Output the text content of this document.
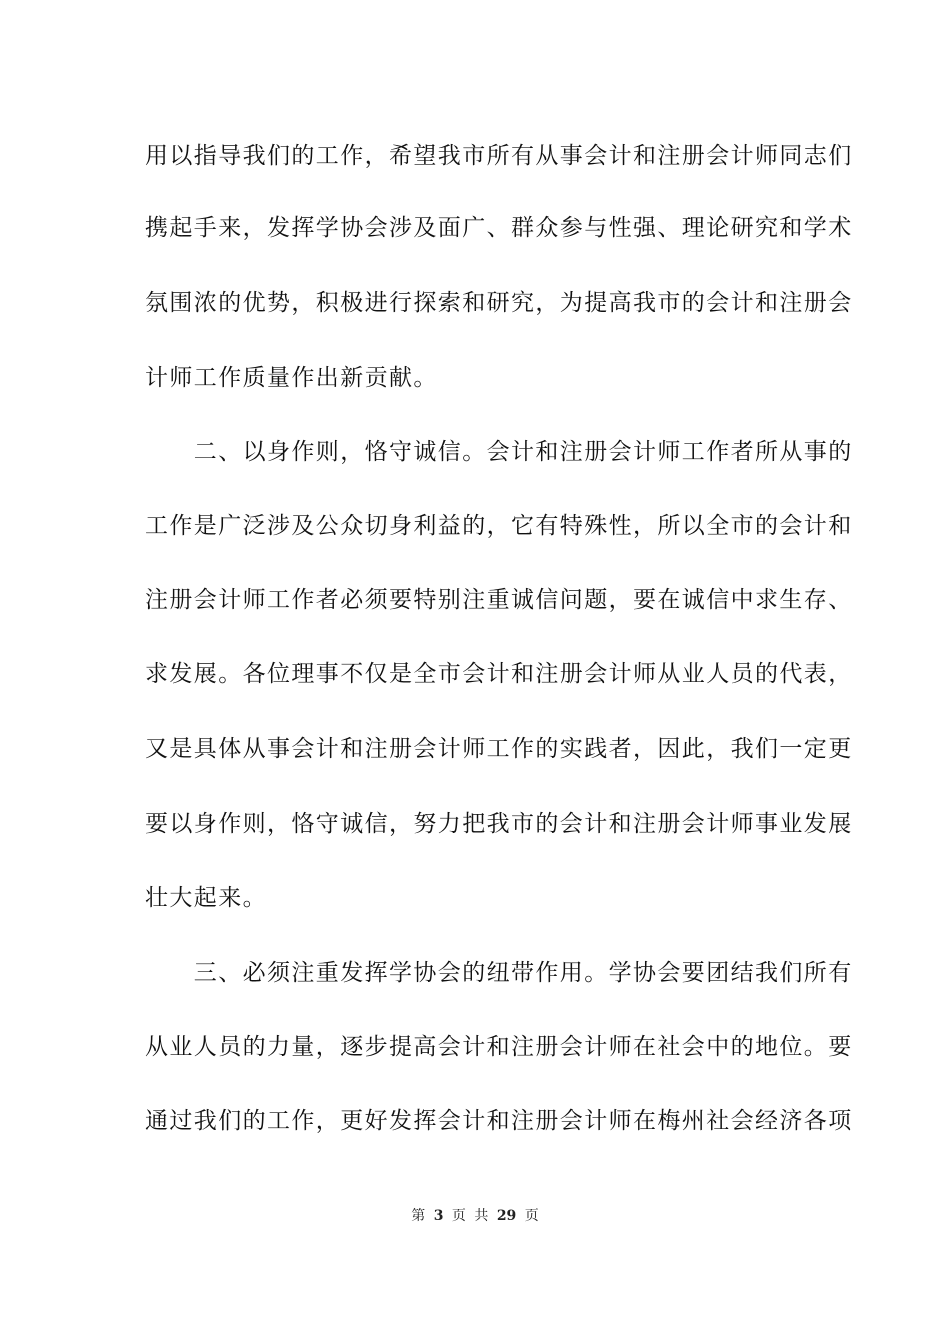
用以指导我们的工作，希望我市所有从事会计和注册会计师同志们
携起手来，发挥学协会涉及面广、群众参与性强、理论研究和学术
氛围浓的优势，积极进行探索和研究，为提高我市的会计和注册会
计师工作质量作出新贡献。
　　二、以身作则，恪守诚信。会计和注册会计师工作者所从事的
工作是广泛涉及公众切身利益的，它有特殊性，所以全市的会计和
注册会计师工作者必须要特别注重诚信问题，要在诚信中求生存、
求发展。各位理事不仅是全市会计和注册会计师从业人员的代表，
又是具体从事会计和注册会计师工作的实践者，因此，我们一定更
要以身作则，恪守诚信，努力把我市的会计和注册会计师事业发展
壮大起来。
　　三、必须注重发挥学协会的纽带作用。学协会要团结我们所有
从业人员的力量，逐步提高会计和注册会计师在社会中的地位。要
通过我们的工作，更好发挥会计和注册会计师在梅州社会经济各项
第 3 页 共 29 页
